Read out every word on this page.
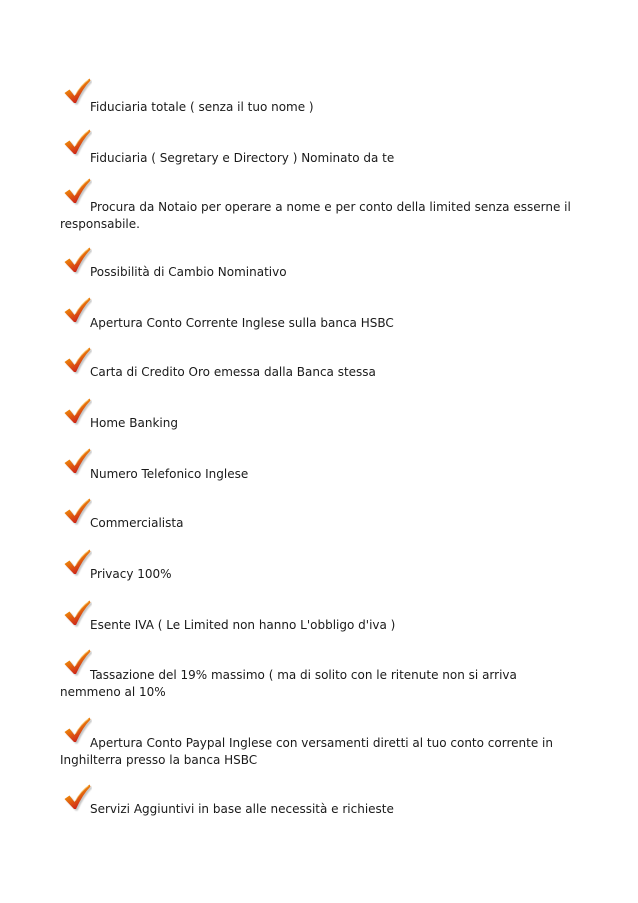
Fiduciaria totale ( senza il tuo nome )
Fiduciaria ( Segretary e Directory ) Nominato da te
Procura da Notaio per operare a nome e per conto della limited senza esserne il responsabile.
Possibilità di Cambio Nominativo
Apertura Conto Corrente Inglese sulla banca HSBC
Carta di Credito Oro emessa dalla Banca stessa
Home Banking
Numero Telefonico Inglese
Commercialista
Privacy 100%
Esente IVA ( Le Limited non hanno L'obbligo d'iva )
Tassazione del 19% massimo ( ma di solito con le ritenute non si arriva nemmeno al 10%
Apertura Conto Paypal Inglese con versamenti diretti al tuo conto corrente in Inghilterra presso la banca HSBC
Servizi Aggiuntivi in base alle necessità e richieste
